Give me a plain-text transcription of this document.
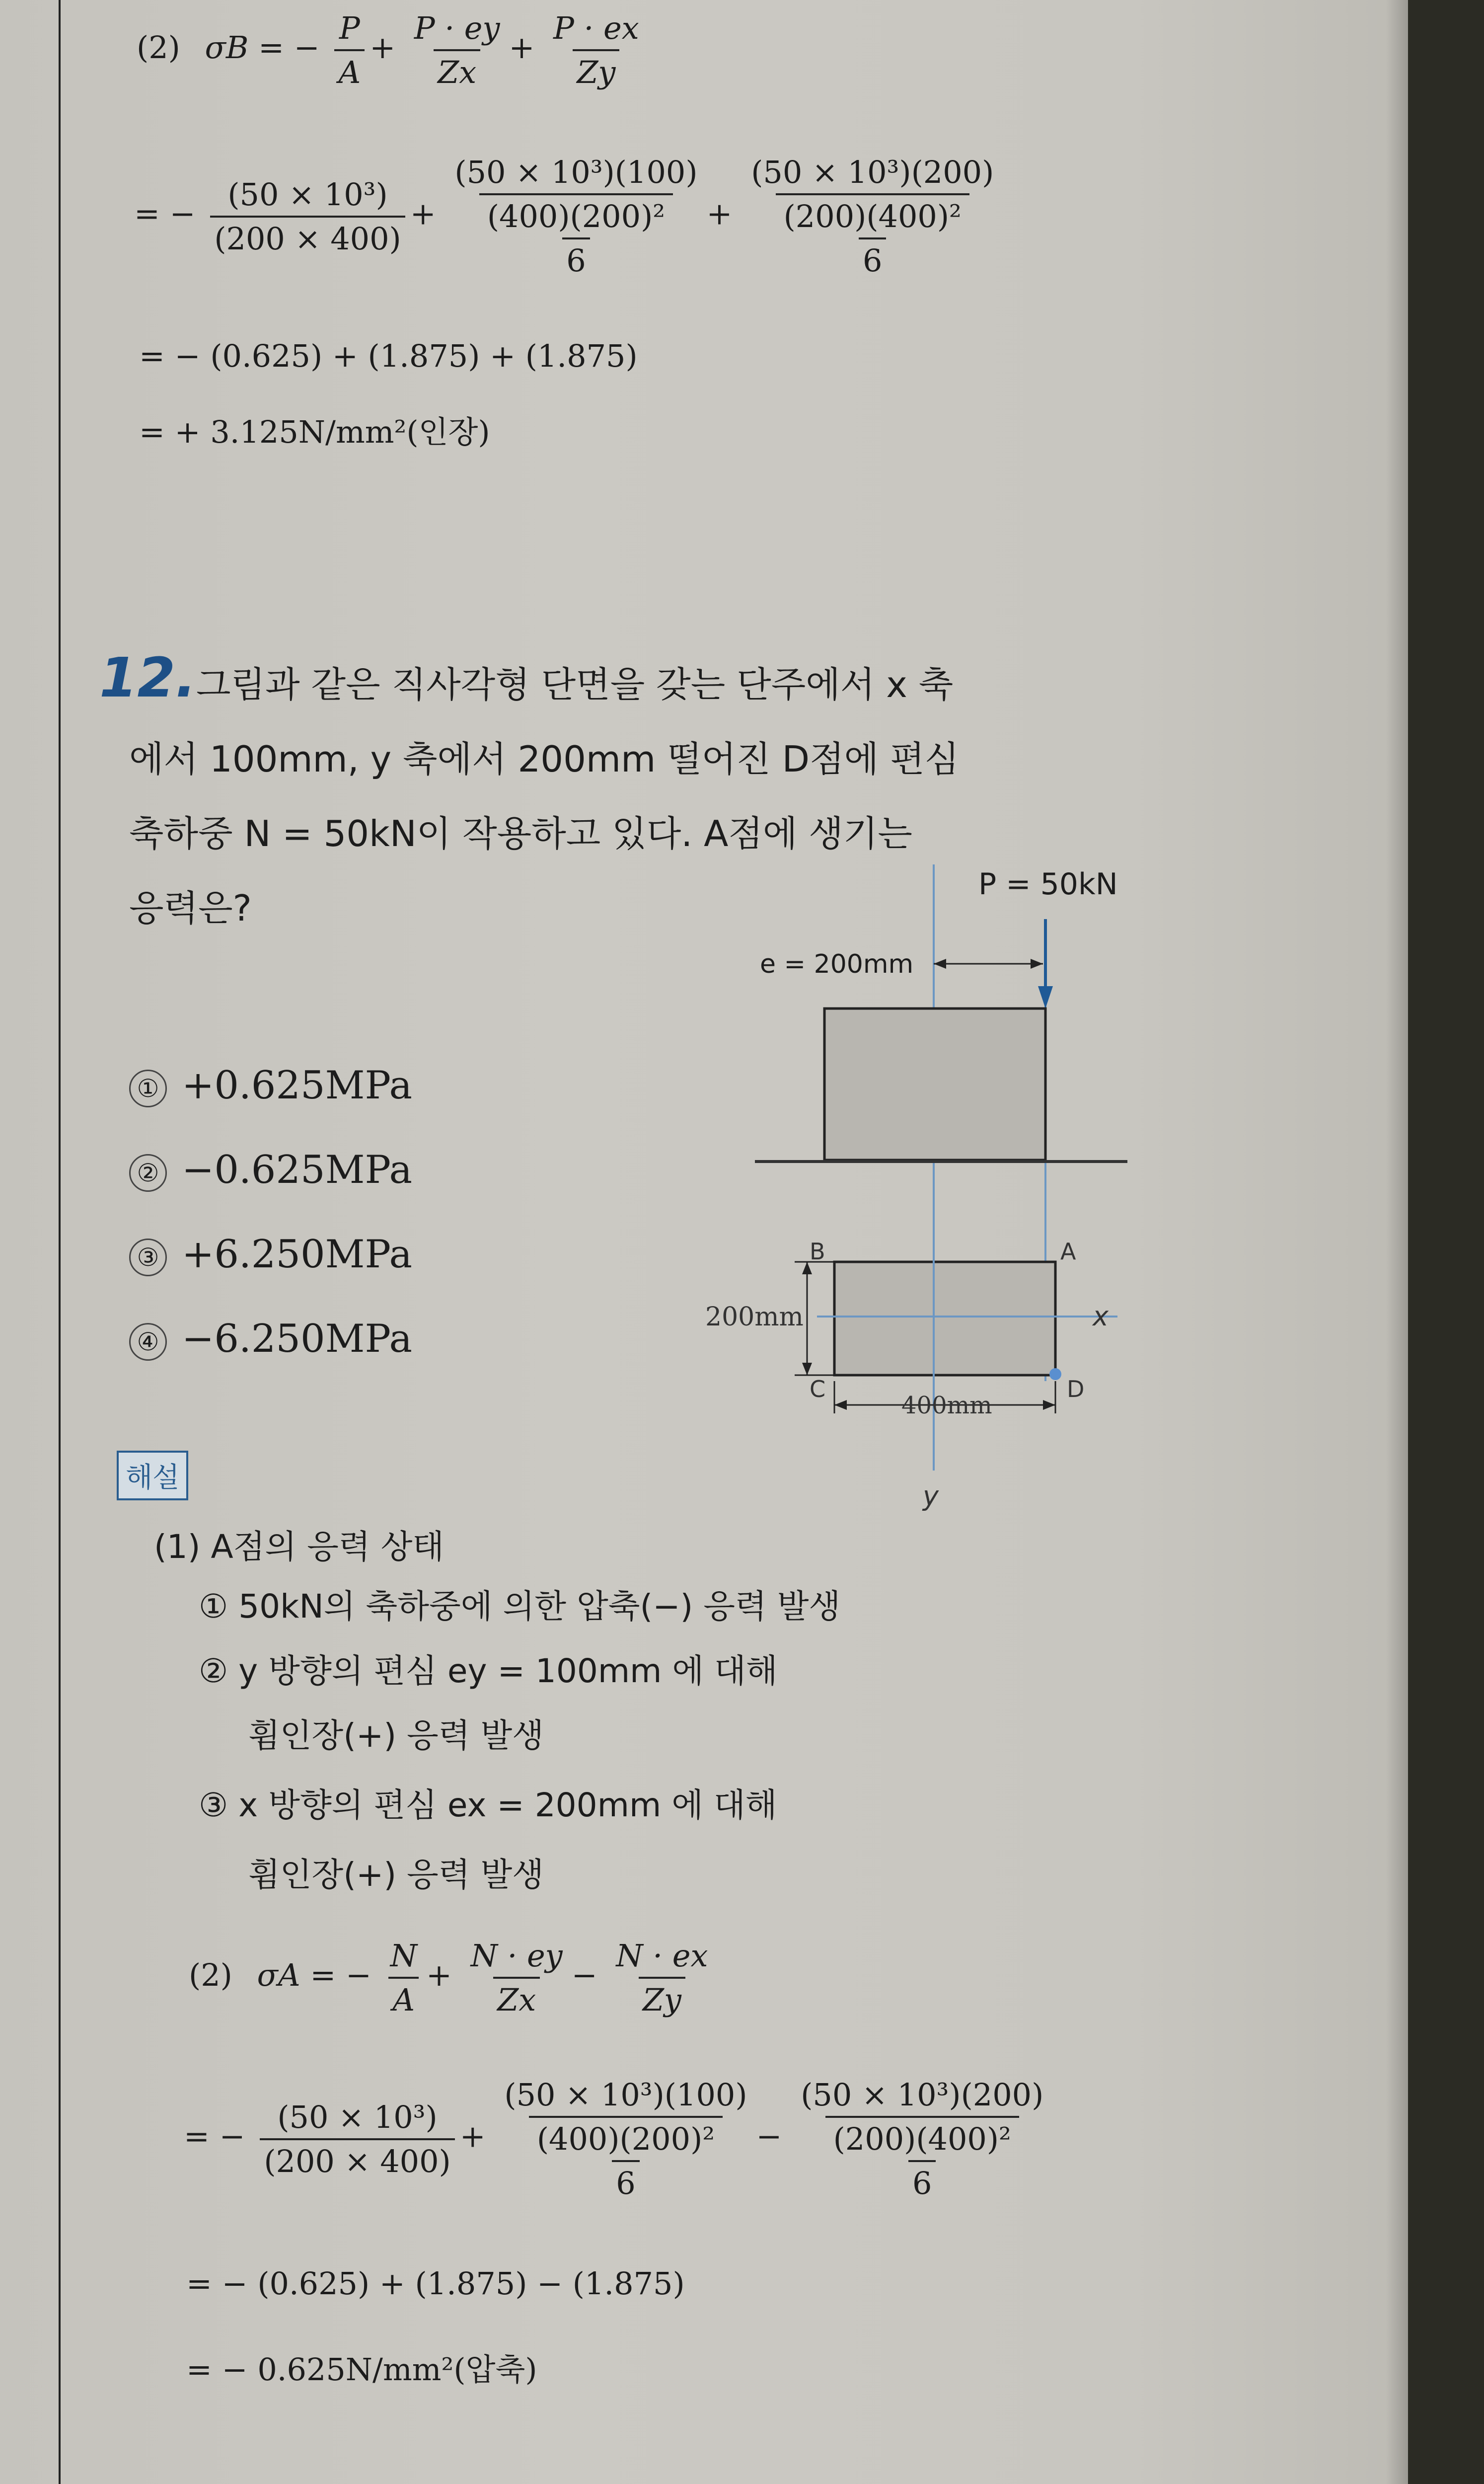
(2) σB = − $\frac{P}{A} + \frac{P \cdot ey}{Zx} + \frac{P \cdot ex}{Zy}$
= − $\frac{\text{(50 × 10³)}}{(200 \times 400)} + \frac{\text{(50 × 10³)(100)}}{\frac{\text{(400)(200)²}}{6}} + \frac{\text{(50 × 10³)(200)}}{\frac{\text{(200)(400)²}}{6}}$
= − (0.625) + (1.875) + (1.875)
= + 3.125N/mm²(인장)
12. 그림과 같은 직사각형 단면을 갖는 단주에서 x 축
에서 100mm, y 축에서 200mm 떨어진 D점에 편심
축하중 N = 50kN이 작용하고 있다. A점에 생기는
응력은?
① +0.625MPa
② −0.625MPa
③ +6.250MPa
④ −6.250MPa
e = 200mm
P = 50kN
B	A
C	D
200mm
400mm
x
y
해설
(1) A점의 응력 상태
① 50kN의 축하중에 의한 압축(−) 응력 발생
② y 방향의 편심 ey = 100mm 에 대해
휨인장(+) 응력 발생
③ x 방향의 편심 ex = 200mm 에 대해
휨인장(+) 응력 발생
(2) σA = − $\frac{N}{A} + \frac{N \cdot ey}{Zx} - \frac{N \cdot ex}{Zy}$
= − $\frac{\text{(50 × 10³)}}{(200 \times 400)} + \frac{\text{(50 × 10³)(100)}}{\frac{\text{(400)(200)²}}{6}} - \frac{\text{(50 × 10³)(200)}}{\frac{\text{(200)(400)²}}{6}}$
= − (0.625) + (1.875) − (1.875)
= − 0.625N/mm²(압축)
